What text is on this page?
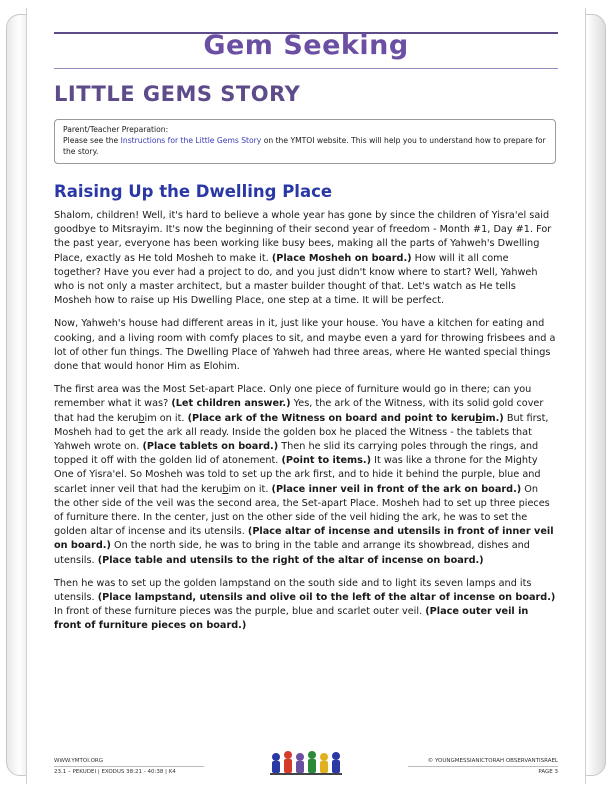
Gem Seeking
LITTLE GEMS STORY
Parent/Teacher Preparation:
Please see the Instructions for the Little Gems Story on the YMTOI website. This will help you to understand how to prepare for the story.
Raising Up the Dwelling Place

Shalom, children! Well, it's hard to believe a whole year has gone by since the children of Yisra'el said goodbye to Mitsrayim. It's now the beginning of their second year of freedom - Month #1, Day #1. For the past year, everyone has been working like busy bees, making all the parts of Yahweh's Dwelling Place, exactly as He told Mosheh to make it. (Place Mosheh on board.) How will it all come together? Have you ever had a project to do, and you just didn't know where to start? Well, Yahweh who is not only a master architect, but a master builder thought of that. Let's watch as He tells Mosheh how to raise up His Dwelling Place, one step at a time. It will be perfect.

Now, Yahweh's house had different areas in it, just like your house. You have a kitchen for eating and cooking, and a living room with comfy places to sit, and maybe even a yard for throwing frisbees and a lot of other fun things. The Dwelling Place of Yahweh had three areas, where He wanted special things done that would honor Him as Elohim.

The first area was the Most Set-apart Place. Only one piece of furniture would go in there; can you remember what it was? (Let children answer.) Yes, the ark of the Witness, with its solid gold cover that had the kerubim on it. (Place ark of the Witness on board and point to kerubim.) But first, Mosheh had to get the ark all ready. Inside the golden box he placed the Witness - the tablets that Yahweh wrote on. (Place tablets on board.) Then he slid its carrying poles through the rings, and topped it off with the golden lid of atonement. (Point to items.) It was like a throne for the Mighty One of Yisra'el. So Mosheh was told to set up the ark first, and to hide it behind the purple, blue and scarlet inner veil that had the kerubim on it. (Place inner veil in front of the ark on board.) On the other side of the veil was the second area, the Set-apart Place. Mosheh had to set up three pieces of furniture there. In the center, just on the other side of the veil hiding the ark, he was to set the golden altar of incense and its utensils. (Place altar of incense and utensils in front of inner veil on board.) On the north side, he was to bring in the table and arrange its showbread, dishes and utensils. (Place table and utensils to the right of the altar of incense on board.)

Then he was to set up the golden lampstand on the south side and to light its seven lamps and its utensils. (Place lampstand, utensils and olive oil to the left of the altar of incense on board.) In front of these furniture pieces was the purple, blue and scarlet outer veil. (Place outer veil in front of furniture pieces on board.)

WWW.YMTOI.ORG
23.1 – PEKUDEI | EXODUS 38:21 - 40:38 | K4
© YOUNGMESSIANICTORAH OBSERVANTISRAEL
PAGE 3
